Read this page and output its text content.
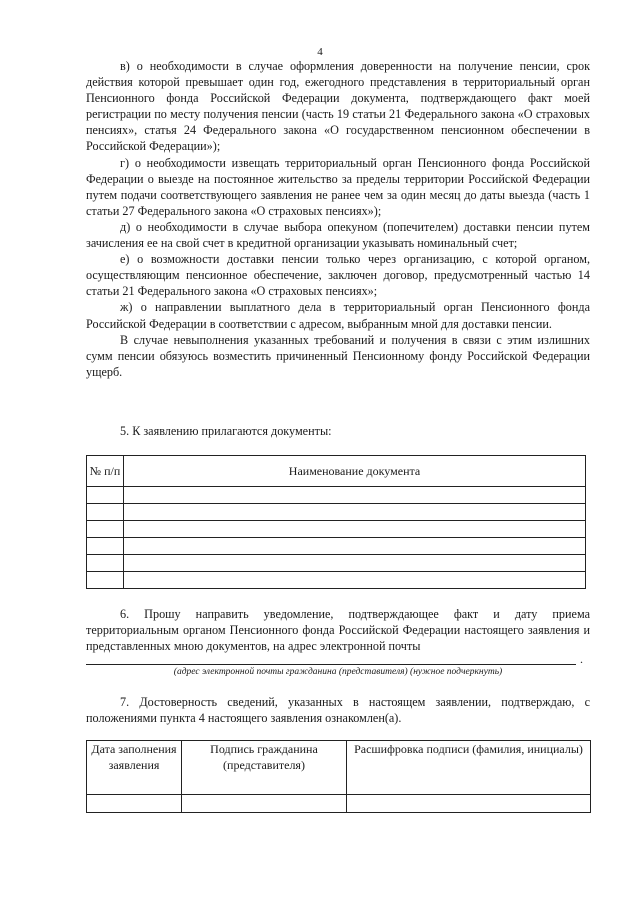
4

в) о необходимости в случае оформления доверенности на получение пенсии, срок действия которой превышает один год, ежегодного представления в территориальный орган Пенсионного фонда Российской Федерации документа, подтверждающего факт моей регистрации по месту получения пенсии (часть 19 статьи 21 Федерального закона «О страховых пенсиях», статья 24 Федерального закона «О государственном пенсионном обеспечении в Российской Федерации»);

г) о необходимости извещать территориальный орган Пенсионного фонда Российской Федерации о выезде на постоянное жительство за пределы территории Российской Федерации путем подачи соответствующего заявления не ранее чем за один месяц до даты выезда (часть 1 статьи 27 Федерального закона «О страховых пенсиях»);

д) о необходимости в случае выбора опекуном (попечителем) доставки пенсии путем зачисления ее на свой счет в кредитной организации указывать номинальный счет;

е) о возможности доставки пенсии только через организацию, с которой органом, осуществляющим пенсионное обеспечение, заключен договор, предусмотренный частью 14 статьи 21 Федерального закона «О страховых пенсиях»;

ж) о направлении выплатного дела в территориальный орган Пенсионного фонда Российской Федерации в соответствии с адресом, выбранным мной для доставки пенсии.

В случае невыполнения указанных требований и получения в связи с этим излишних сумм пенсии обязуюсь возместить причиненный Пенсионному фонду Российской Федерации ущерб.

5. К заявлению прилагаются документы:
№ п/п	Наименование документа

6. Прошу направить уведомление, подтверждающее факт и дату приема территориальным органом Пенсионного фонда Российской Федерации настоящего заявления и представленных мною документов, на адрес электронной почты

.
(адрес электронной почты гражданина (представителя) (нужное подчеркнуть)

7. Достоверность сведений, указанных в настоящем заявлении, подтверждаю, с положениями пункта 4 настоящего заявления ознакомлен(а).

Дата заполнения заявления	Подпись гражданина (представителя)	Расшифровка подписи (фамилия, инициалы)
